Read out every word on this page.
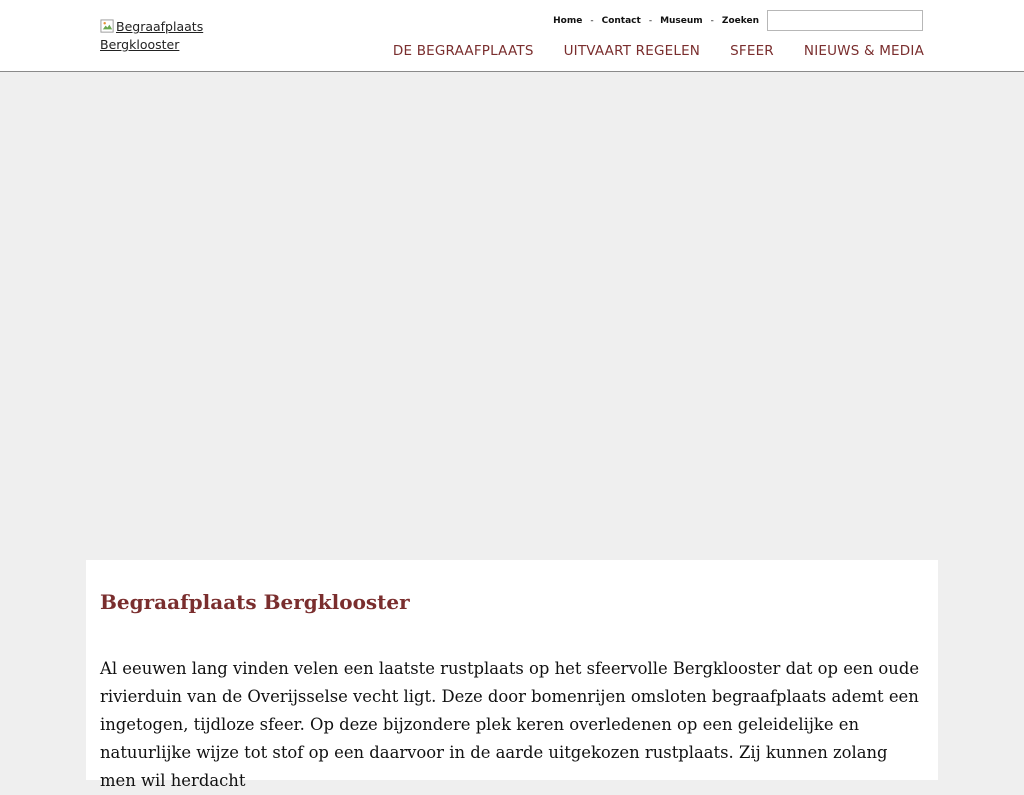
Begraafplaats Bergklooster
Home - Contact - Museum - Zoeken
DE BEGRAAFPLAATS UITVAART REGELEN SFEER NIEUWS & MEDIA
Begraafplaats Bergklooster

Al eeuwen lang vinden velen een laatste rustplaats op het sfeervolle Bergklooster dat op een oude rivierduin van de Overijsselse vecht ligt. Deze door bomenrijen omsloten begraafplaats ademt een ingetogen, tijdloze sfeer. Op deze bijzondere plek keren overledenen op een geleidelijke en natuurlijke wijze tot stof op een daarvoor in de aarde uitgekozen rustplaats. Zij kunnen zolang men wil herdacht
